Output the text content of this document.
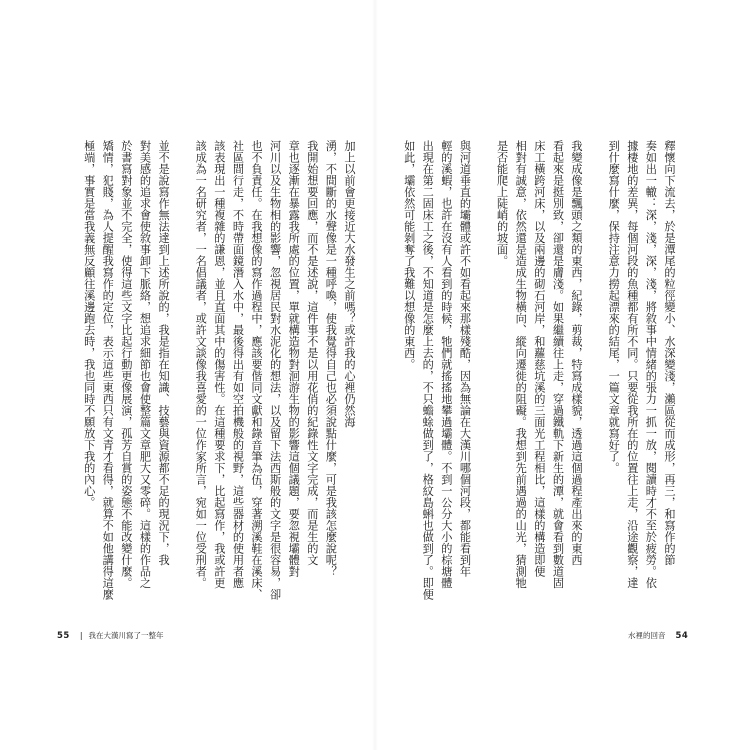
釋懷向下流去，於是潭尾的粒徑變小、水深變淺，瀨區從而成形，再三，和寫作的節
奏如出一轍：深，淺，深，淺，將敘事中情緒的張力一抓一放，閱讀時才不至於疲勞。依
據棲地的差異，每個河段的魚種都有所不同。只要從我所在的位置往上走，沿途觀察，達
到什麼寫什麼，保持注意力撈起漂來的結尾，一篇文章就寫好了。
我變成像是飄頭之類的東西，紀錄，剪裁，特寫成樣貌，透過這個過程產出來的東西
看起來是挺別致，卻還是膚淺。如果繼續往上走，穿過鐵軌下新生的潭，就會看到數道固
床工橫跨河床，以及兩邊的砌石河岸，和蘿慈坑溪的三面光工程相比，這樣的構造即便
相對有誠意，依然還是造成生物橫向、縱向遷徙的阻礙。我想到先前遇過的山光，猜測牠
是否能爬上陡峭的坡面。
與河道垂直的壩體或許不如看起來那樣殘酷，因為無論在大漢川哪個河段，都能看到年
輕的溪蝦，也許在沒有人看到的時候，牠們就搖搖地攀過壩體。不到一公分大小的棕塘體
出現在第二固床工之後，不知道是怎麼上去的，不只蟾蜍做到了，格紋島蝌也做到了。即便
如此，壩依然可能剝奪了我難以想像的東西。
加上以前會更接近大水發生之前嗎？或許我的心裡仍然海
湧，不間斷的水聲像是一種呼喚，使我覺得自己也必須說點什麼，可是我該怎麼說呢？
我開始想要回應，而不是述說，這件事不是以用花俏的紀錄性文字完成，而是生的文
章也逐漸在暴露我所處的位置，單就構造物對洄游生物的影響這個議題，要忽視壩體對
河川以及生物相的影響，忽視居民對水泥化的想法，以及留下法西斯般的文字是很容易，卻
也不負責任。在我想像的寫作過程中，應該要偕同文獻和錄音筆為伍，穿著溯溪鞋在溪床、
社區間行走，不時帶面鏡潛入水中，最後得出有如空拍機般的視野，這些器材的使用者應
該表現出一種複雜的謙恩，並且直面其中的傷害性。在這種要求下，比起寫作，我或許更
該成為一名研究者，一名倡議者，或許文談像我喜愛的一位作家所言，宛如一位受刑者。
並不是說寫作無法達到上述所說的，我是指在知識、技藝與資源都不足的現況下，我
對美感的追求會使敘事卸下脈絡，想追求細節也會使整篇文章肥大又零碎。這樣的作品之
於書寫對象並不完全，使得這些文字比起行動更像展演，孤芳自賞的姿態不能改變什麼。
矯情，犯賤，為人提醒我寫作的定位，表示這些東西只有文青才看得，就算不如他講得這麼
極端，事實是當我義無反顧往溪邊跑去時，我也同時不願放下我的內心。
55 | 我在大漢川寫了一整年	水裡的回音 54
